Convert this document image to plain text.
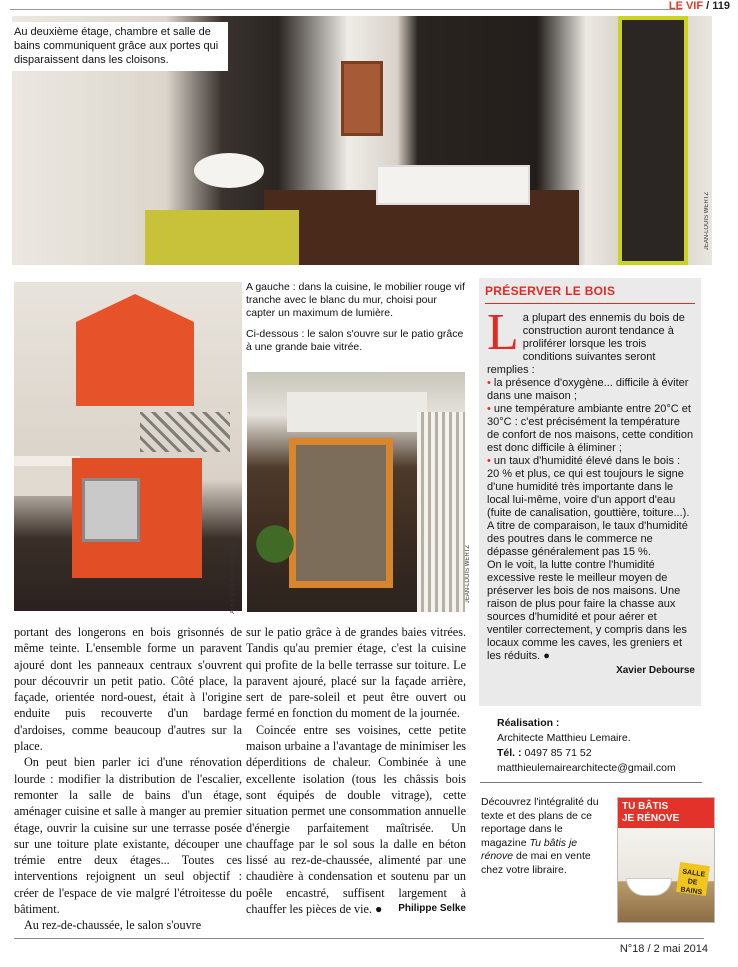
LE VIF / 119
Au deuxième étage, chambre et salle de bains communiquent grâce aux portes qui disparaissent dans les cloisons.
JEAN-LOUIS WERTZ
ALEX VON BUXHOEVEDEN

A gauche : dans la cuisine, le mobilier rouge vif tranche avec le blanc du mur, choisi pour capter un maximum de lumière.

Ci-dessous : le salon s'ouvre sur le patio grâce à une grande baie vitrée.

JEAN-LOUIS WERTZ
PRÉSERVER LE BOIS
La plupart des ennemis du bois de construction auront tendance à proliférer lorsque les trois conditions suivantes seront remplies :
• la présence d'oxygène... difficile à éviter dans une maison ;
• une température ambiante entre 20°C et 30°C : c'est précisément la température de confort de nos maisons, cette condition est donc difficile à éliminer ;
• un taux d'humidité élevé dans le bois : 20 % et plus, ce qui est toujours le signe d'une humidité très importante dans le local lui-même, voire d'un apport d'eau (fuite de canalisation, gouttière, toiture...).
A titre de comparaison, le taux d'humidité des poutres dans le commerce ne dépasse généralement pas 15 %.
On le voit, la lutte contre l'humidité excessive reste le meilleur moyen de préserver les bois de nos maisons. Une raison de plus pour faire la chasse aux sources d'humidité et pour aérer et ventiler correctement, y compris dans les locaux comme les caves, les greniers et les réduits. ●
Xavier Debourse

portant des longerons en bois grisonnés de même teinte. L'ensemble forme un paravent ajouré dont les panneaux centraux s'ouvrent pour découvrir un petit patio. Côté place, la façade, orientée nord-ouest, était à l'origine enduite puis recouverte d'un bardage d'ardoises, comme beaucoup d'autres sur la place.

On peut bien parler ici d'une rénovation lourde : modifier la distribution de l'escalier, remonter la salle de bains d'un étage, aménager cuisine et salle à manger au premier étage, ouvrir la cuisine sur une terrasse posée sur une toiture plate existante, découper une trémie entre deux étages... Toutes ces interventions rejoignent un seul objectif : créer de l'espace de vie malgré l'étroitesse du bâtiment.

Au rez-de-chaussée, le salon s'ouvre

sur le patio grâce à de grandes baies vitrées. Tandis qu'au premier étage, c'est la cuisine qui profite de la belle terrasse sur toiture. Le paravent ajouré, placé sur la façade arrière, sert de pare-soleil et peut être ouvert ou fermé en fonction du moment de la journée.

Coincée entre ses voisines, cette petite maison urbaine a l'avantage de minimiser les déperditions de chaleur. Combinée à une excellente isolation (tous les châssis bois sont équipés de double vitrage), cette situation permet une consommation annuelle d'énergie parfaitement maîtrisée. Un chauffage par le sol sous la dalle en béton lissé au rez-de-chaussée, alimenté par une chaudière à condensation et soutenu par un poêle encastré, suffisent largement à chauffer les pièces de vie. ●	Philippe Selke

Réalisation :
Architecte Matthieu Lemaire.
Tél. : 0497 85 71 52
matthieulemairearchitecte@gmail.com
Découvrez l'intégralité du texte et des plans de ce reportage dans le magazine Tu bâtis je rénove de mai en vente chez votre libraire.
TU BÂTIS
JE RÉNOVE
SALLE DE BAINS
N°18 / 2 mai 2014
